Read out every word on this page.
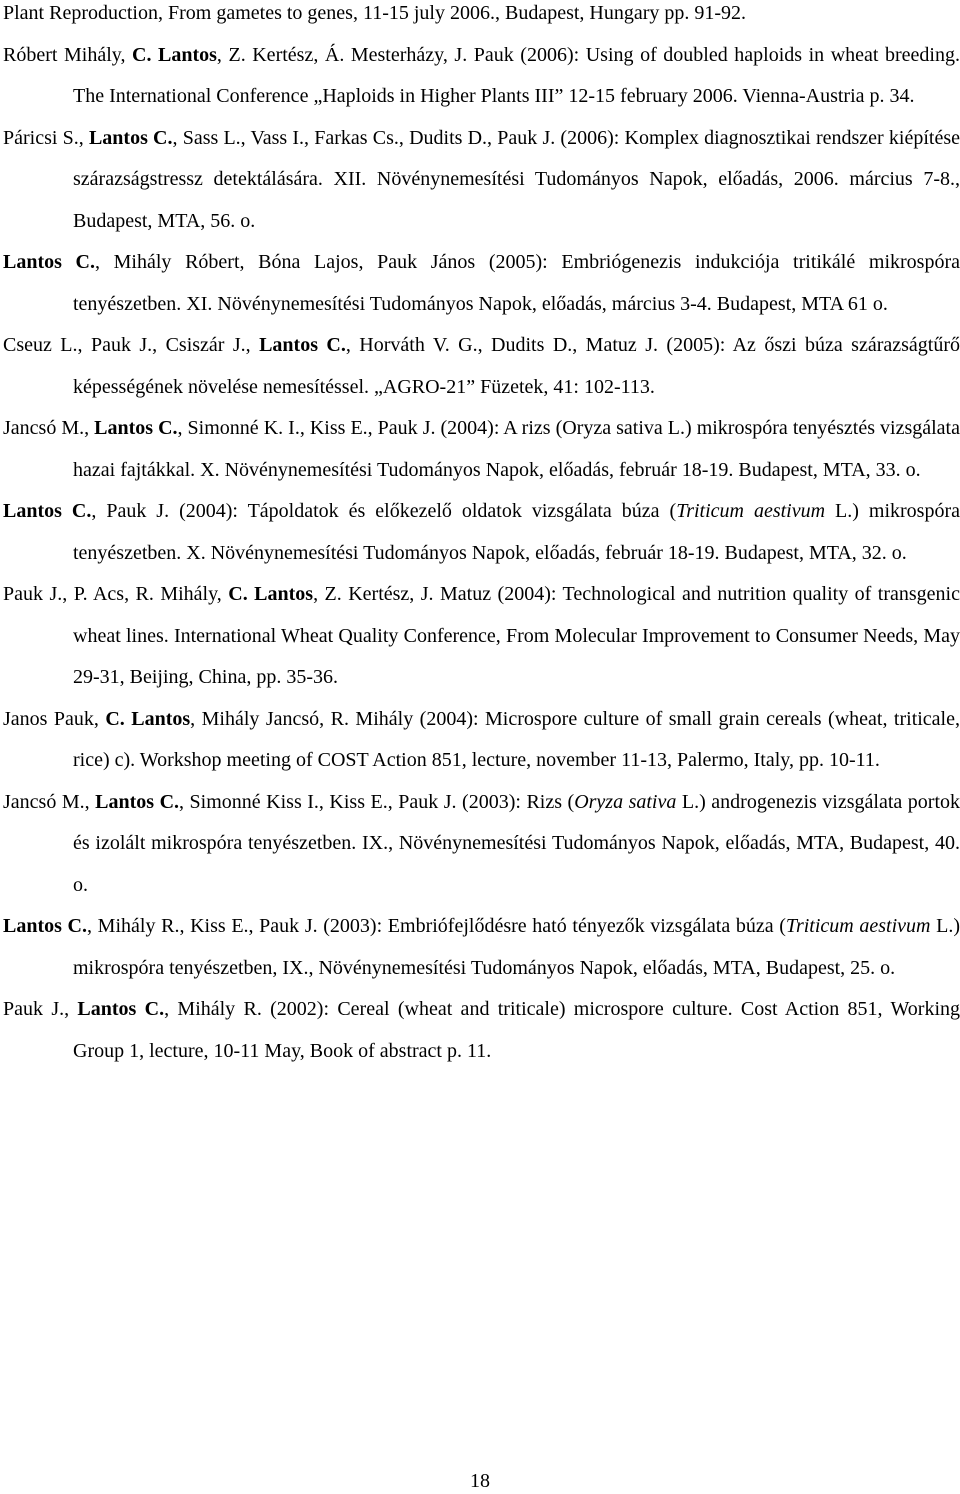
Plant Reproduction, From gametes to genes, 11-15 july 2006., Budapest, Hungary pp. 91-92.

Róbert Mihály, C. Lantos, Z. Kertész, Á. Mesterházy, J. Pauk (2006): Using of doubled haploids in wheat breeding. The International Conference „Haploids in Higher Plants III” 12-15 february 2006. Vienna-Austria p. 34.

Páricsi S., Lantos C., Sass L., Vass I., Farkas Cs., Dudits D., Pauk J. (2006): Komplex diagnosztikai rendszer kiépítése szárazságstressz detektálására. XII. Növénynemesítési Tudományos Napok, előadás, 2006. március 7-8., Budapest, MTA, 56. o.

Lantos C., Mihály Róbert, Bóna Lajos, Pauk János (2005): Embriógenezis indukciója tritikálé mikrospóra tenyészetben. XI. Növénynemesítési Tudományos Napok, előadás, március 3-4. Budapest, MTA 61 o.

Cseuz L., Pauk J., Csiszár J., Lantos C., Horváth V. G., Dudits D., Matuz J. (2005): Az őszi búza szárazságtűrő képességének növelése nemesítéssel. „AGRO-21” Füzetek, 41: 102-113.

Jancsó M., Lantos C., Simonné K. I., Kiss E., Pauk J. (2004): A rizs (Oryza sativa L.) mikrospóra tenyésztés vizsgálata hazai fajtákkal. X. Növénynemesítési Tudományos Napok, előadás, február 18-19. Budapest, MTA, 33. o.

Lantos C., Pauk J. (2004): Tápoldatok és előkezelő oldatok vizsgálata búza (Triticum aestivum L.) mikrospóra tenyészetben. X. Növénynemesítési Tudományos Napok, előadás, február 18-19. Budapest, MTA, 32. o.

Pauk J., P. Acs, R. Mihály, C. Lantos, Z. Kertész, J. Matuz (2004): Technological and nutrition quality of transgenic wheat lines. International Wheat Quality Conference, From Molecular Improvement to Consumer Needs, May 29-31, Beijing, China, pp. 35-36.

Janos Pauk, C. Lantos, Mihály Jancsó, R. Mihály (2004): Microspore culture of small grain cereals (wheat, triticale, rice) c). Workshop meeting of COST Action 851, lecture, november 11-13, Palermo, Italy, pp. 10-11.

Jancsó M., Lantos C., Simonné Kiss I., Kiss E., Pauk J. (2003): Rizs (Oryza sativa L.) androgenezis vizsgálata portok és izolált mikrospóra tenyészetben. IX., Növénynemesítési Tudományos Napok, előadás, MTA, Budapest, 40. o.

Lantos C., Mihály R., Kiss E., Pauk J. (2003): Embriófejlődésre ható tényezők vizsgálata búza (Triticum aestivum L.) mikrospóra tenyészetben, IX., Növénynemesítési Tudományos Napok, előadás, MTA, Budapest, 25. o.

Pauk J., Lantos C., Mihály R. (2002): Cereal (wheat and triticale) microspore culture. Cost Action 851, Working Group 1, lecture, 10-11 May, Book of abstract p. 11.

18
